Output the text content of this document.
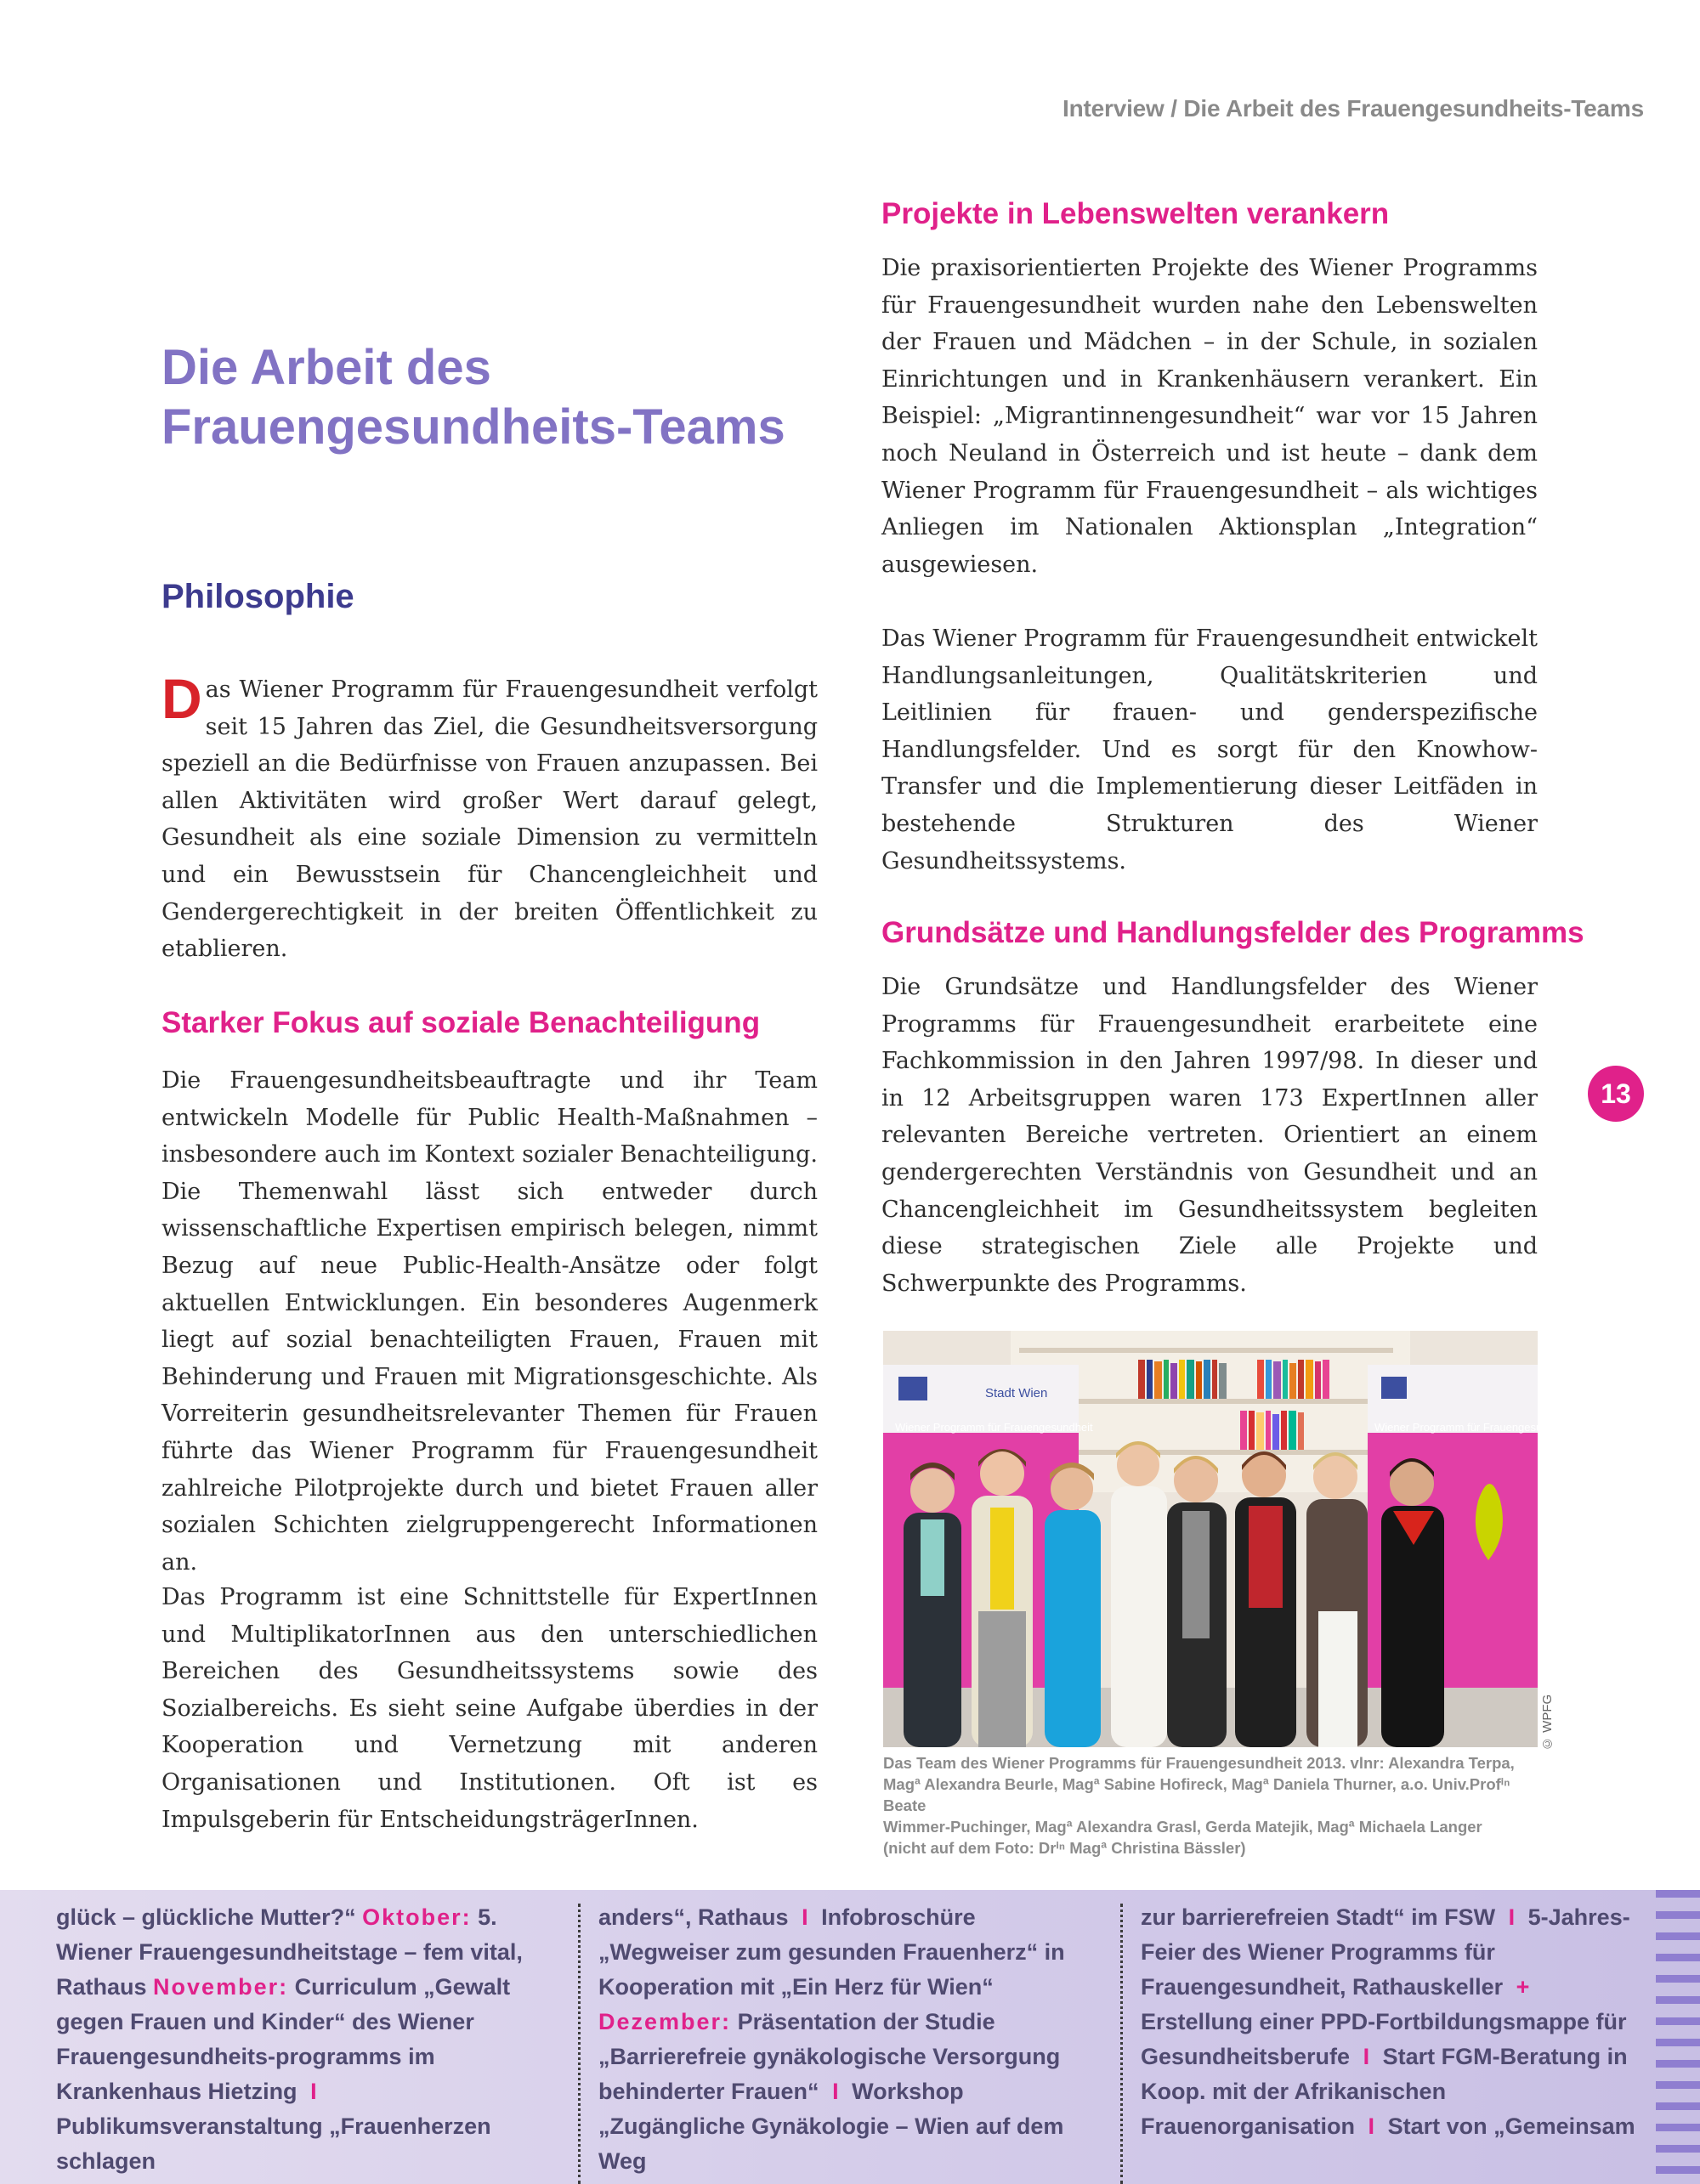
Interview / Die Arbeit des Frauengesundheits-Teams
Die Arbeit des
Frauengesundheits-Teams
Philosophie

Das Wiener Programm für Frauengesundheit verfolgt seit 15 Jahren das Ziel, die Gesundheitsversorgung speziell an die Bedürfnisse von Frauen anzupassen. Bei allen Aktivitäten wird großer Wert darauf gelegt, Gesundheit als eine soziale Dimension zu vermitteln und ein Bewusstsein für Chancengleichheit und Gendergerechtigkeit in der breiten Öffentlichkeit zu etablieren.

Starker Fokus auf soziale Benachteiligung

Die Frauengesundheitsbeauftragte und ihr Team entwickeln Modelle für Public Health-Maßnahmen – insbesondere auch im Kontext sozialer Benachteiligung. Die Themenwahl lässt sich entweder durch wissenschaftliche Expertisen empirisch belegen, nimmt Bezug auf neue Public-Health-Ansätze oder folgt aktuellen Entwicklungen. Ein besonderes Augenmerk liegt auf sozial benachteiligten Frauen, Frauen mit Behinderung und Frauen mit Migrationsgeschichte. Als Vorreiterin gesundheitsrelevanter Themen für Frauen führte das Wiener Programm für Frauengesundheit zahlreiche Pilotprojekte durch und bietet Frauen aller sozialen Schichten zielgruppengerecht Informationen an.

Das Programm ist eine Schnittstelle für ExpertInnen und MultiplikatorInnen aus den unterschiedlichen Bereichen des Gesundheitssystems sowie des Sozialbereichs. Es sieht seine Aufgabe überdies in der Kooperation und Vernetzung mit anderen Organisationen und Institutionen. Oft ist es Impulsgeberin für EntscheidungsträgerInnen.

Projekte in Lebenswelten verankern

Die praxisorientierten Projekte des Wiener Programms für Frauengesundheit wurden nahe den Lebenswelten der Frauen und Mädchen – in der Schule, in sozialen Einrichtungen und in Krankenhäusern verankert. Ein Beispiel: „Migrantinnengesundheit“ war vor 15 Jahren noch Neuland in Österreich und ist heute – dank dem Wiener Programm für Frauengesundheit – als wichtiges Anliegen im Nationalen Aktionsplan „Integration“ ausgewiesen.

Das Wiener Programm für Frauengesundheit entwickelt Handlungsanleitungen, Qualitätskriterien und Leitlinien für frauen- und genderspezifische Handlungsfelder. Und es sorgt für den Knowhow-Transfer und die Implementierung dieser Leitfäden in bestehende Strukturen des Wiener Gesundheitssystems.

Grundsätze und Handlungsfelder des Programms

Die Grundsätze und Handlungsfelder des Wiener Programms für Frauengesundheit erarbeitete eine Fachkommission in den Jahren 1997/98. In dieser und in 12 Arbeitsgruppen waren 173 ExpertInnen aller relevanten Bereiche vertreten. Orientiert an einem gendergerechten Verständnis von Gesundheit und an Chancengleichheit im Gesundheitssystem begleiten diese strategischen Ziele alle Projekte und Schwerpunkte des Programms.

13
Stadt Wien
Wiener Programm für Frauengesundheit	Wiener Programm für Frauengesundheit
© WPFG

Das Team des Wiener Programms für Frauengesundheit 2013. vlnr: Alexandra Terpa,
Magª Alexandra Beurle, Magª Sabine Hofireck, Magª Daniela Thurner, a.o. Univ.Profⁱⁿ Beate
Wimmer-Puchinger, Magª Alexandra Grasl, Gerda Matejik, Magª Michaela Langer
(nicht auf dem Foto: Drⁱⁿ Magª Christina Bässler)

glück – glückliche Mutter?“ Oktober: 5. Wiener Frauengesundheitstage – fem vital, Rathaus November: Curriculum „Gewalt gegen Frauen und Kinder“ des Wiener Frauengesundheits-programms im Krankenhaus Hietzing I Publikumsveranstaltung „Frauenherzen schlagen

anders“, Rathaus I Infobroschüre „Wegweiser zum gesunden Frauenherz“ in Kooperation mit „Ein Herz für Wien“ Dezember: Präsentation der Studie „Barrierefreie gynäkologische Versorgung behinderter Frauen“ I Workshop „Zugängliche Gynäkologie – Wien auf dem Weg

zur barrierefreien Stadt“ im FSW I 5-Jahres-Feier des Wiener Programms für Frauengesundheit, Rathauskeller + Erstellung einer PPD-Fortbildungsmappe für Gesundheitsberufe I Start FGM-Beratung in Koop. mit der Afrikanischen Frauenorganisation I Start von „Gemeinsam
